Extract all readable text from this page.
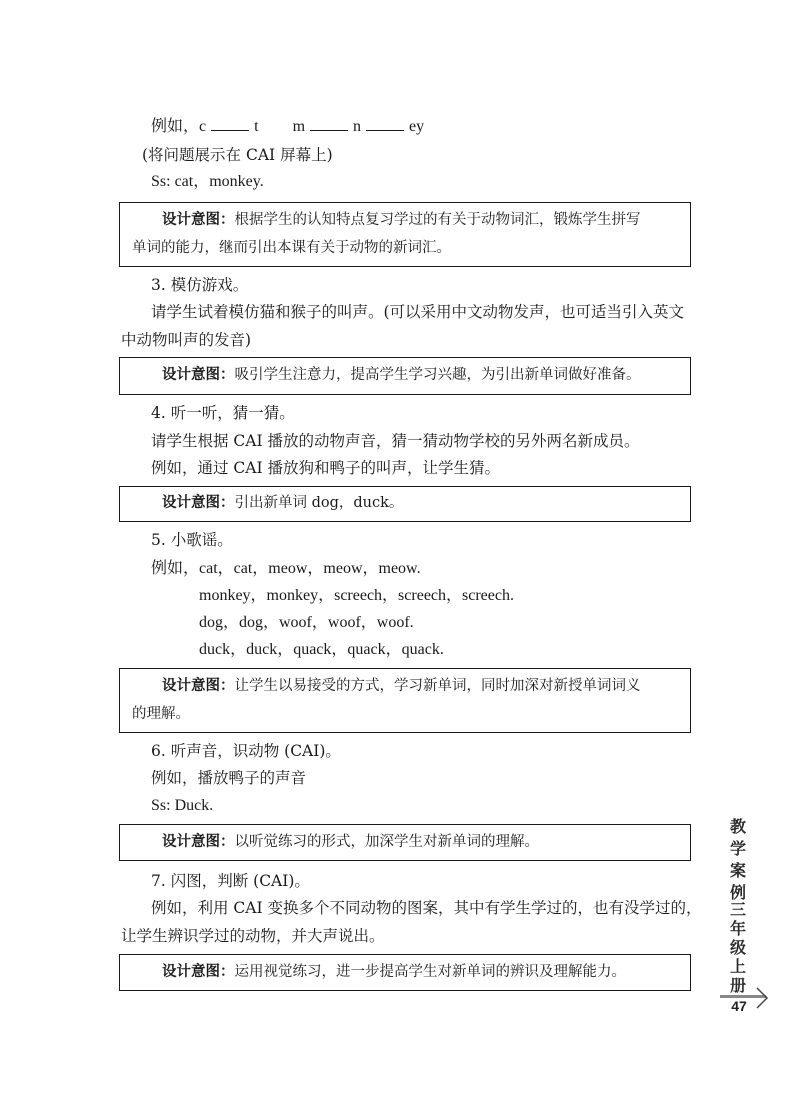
例如，c	t m	n	ey
(将问题展示在 CAI 屏幕上)
Ss: cat，monkey.
设计意图：根据学生的认知特点复习学过的有关于动物词汇，锻炼学生拼写
单词的能力，继而引出本课有关于动物的新词汇。
3. 模仿游戏。
请学生试着模仿猫和猴子的叫声。(可以采用中文动物发声，也可适当引入英文
中动物叫声的发音)
设计意图：吸引学生注意力，提高学生学习兴趣，为引出新单词做好准备。
4. 听一听，猜一猜。
请学生根据 CAI 播放的动物声音，猜一猜动物学校的另外两名新成员。
例如，通过 CAI 播放狗和鸭子的叫声，让学生猜。
设计意图：引出新单词 dog，duck。
5. 小歌谣。
例如，cat，cat，meow，meow，meow.
monkey，monkey，screech，screech，screech.
dog，dog，woof，woof，woof.
duck，duck，quack，quack，quack.
设计意图：让学生以易接受的方式，学习新单词，同时加深对新授单词词义
的理解。
6. 听声音，识动物 (CAI)。
例如，播放鸭子的声音
Ss: Duck.
设计意图：以听觉练习的形式，加深学生对新单词的理解。
7. 闪图，判断 (CAI)。
例如，利用 CAI 变换多个不同动物的图案，其中有学生学过的，也有没学过的，
让学生辨识学过的动物，并大声说出。
设计意图：运用视觉练习，进一步提高学生对新单词的辨识及理解能力。
教
学
案
例
三
年
级
上
册
47
